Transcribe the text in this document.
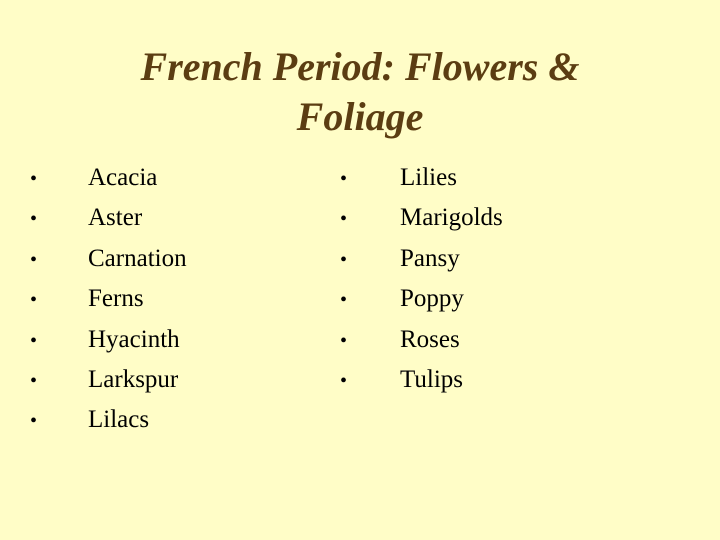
French Period: Flowers &
Foliage
•	Acacia
•	Aster
•	Carnation
•	Ferns
•	Hyacinth
•	Larkspur
•	Lilacs
•	Lilies
•	Marigolds
•	Pansy
•	Poppy
•	Roses
•	Tulips
